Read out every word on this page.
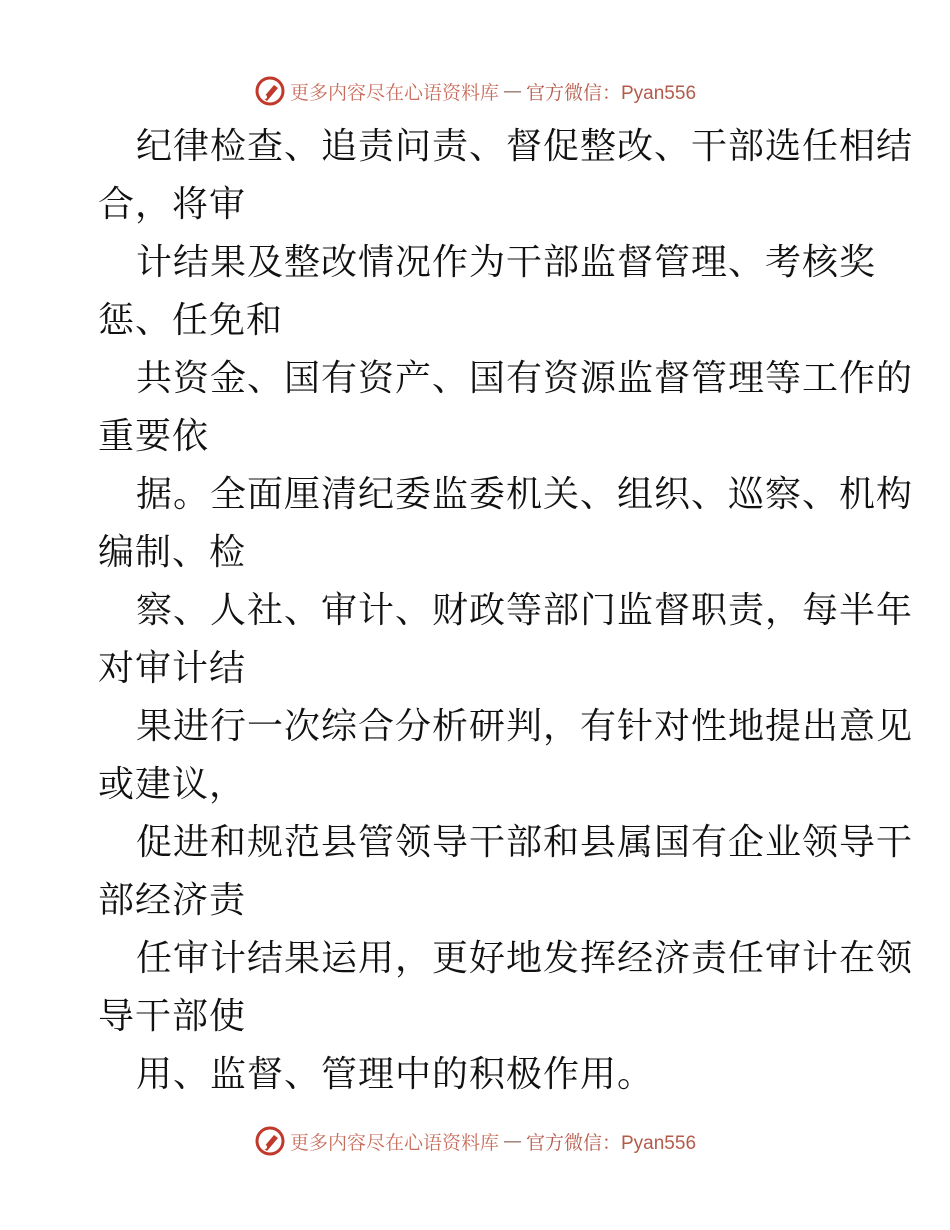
更多内容尽在心语资料库 — 官方微信：Pyan556
纪律检查、追责问责、督促整改、干部选任相结
合，将审
计结果及整改情况作为干部监督管理、考核奖
惩、任免和
共资金、国有资产、国有资源监督管理等工作的
重要依
据。全面厘清纪委监委机关、组织、巡察、机构
编制、检
察、人社、审计、财政等部门监督职责，每半年
对审计结
果进行一次综合分析研判，有针对性地提出意见
或建议，
促进和规范县管领导干部和县属国有企业领导干
部经济责
任审计结果运用，更好地发挥经济责任审计在领
导干部使
用、监督、管理中的积极作用。
更多内容尽在心语资料库 — 官方微信：Pyan556
